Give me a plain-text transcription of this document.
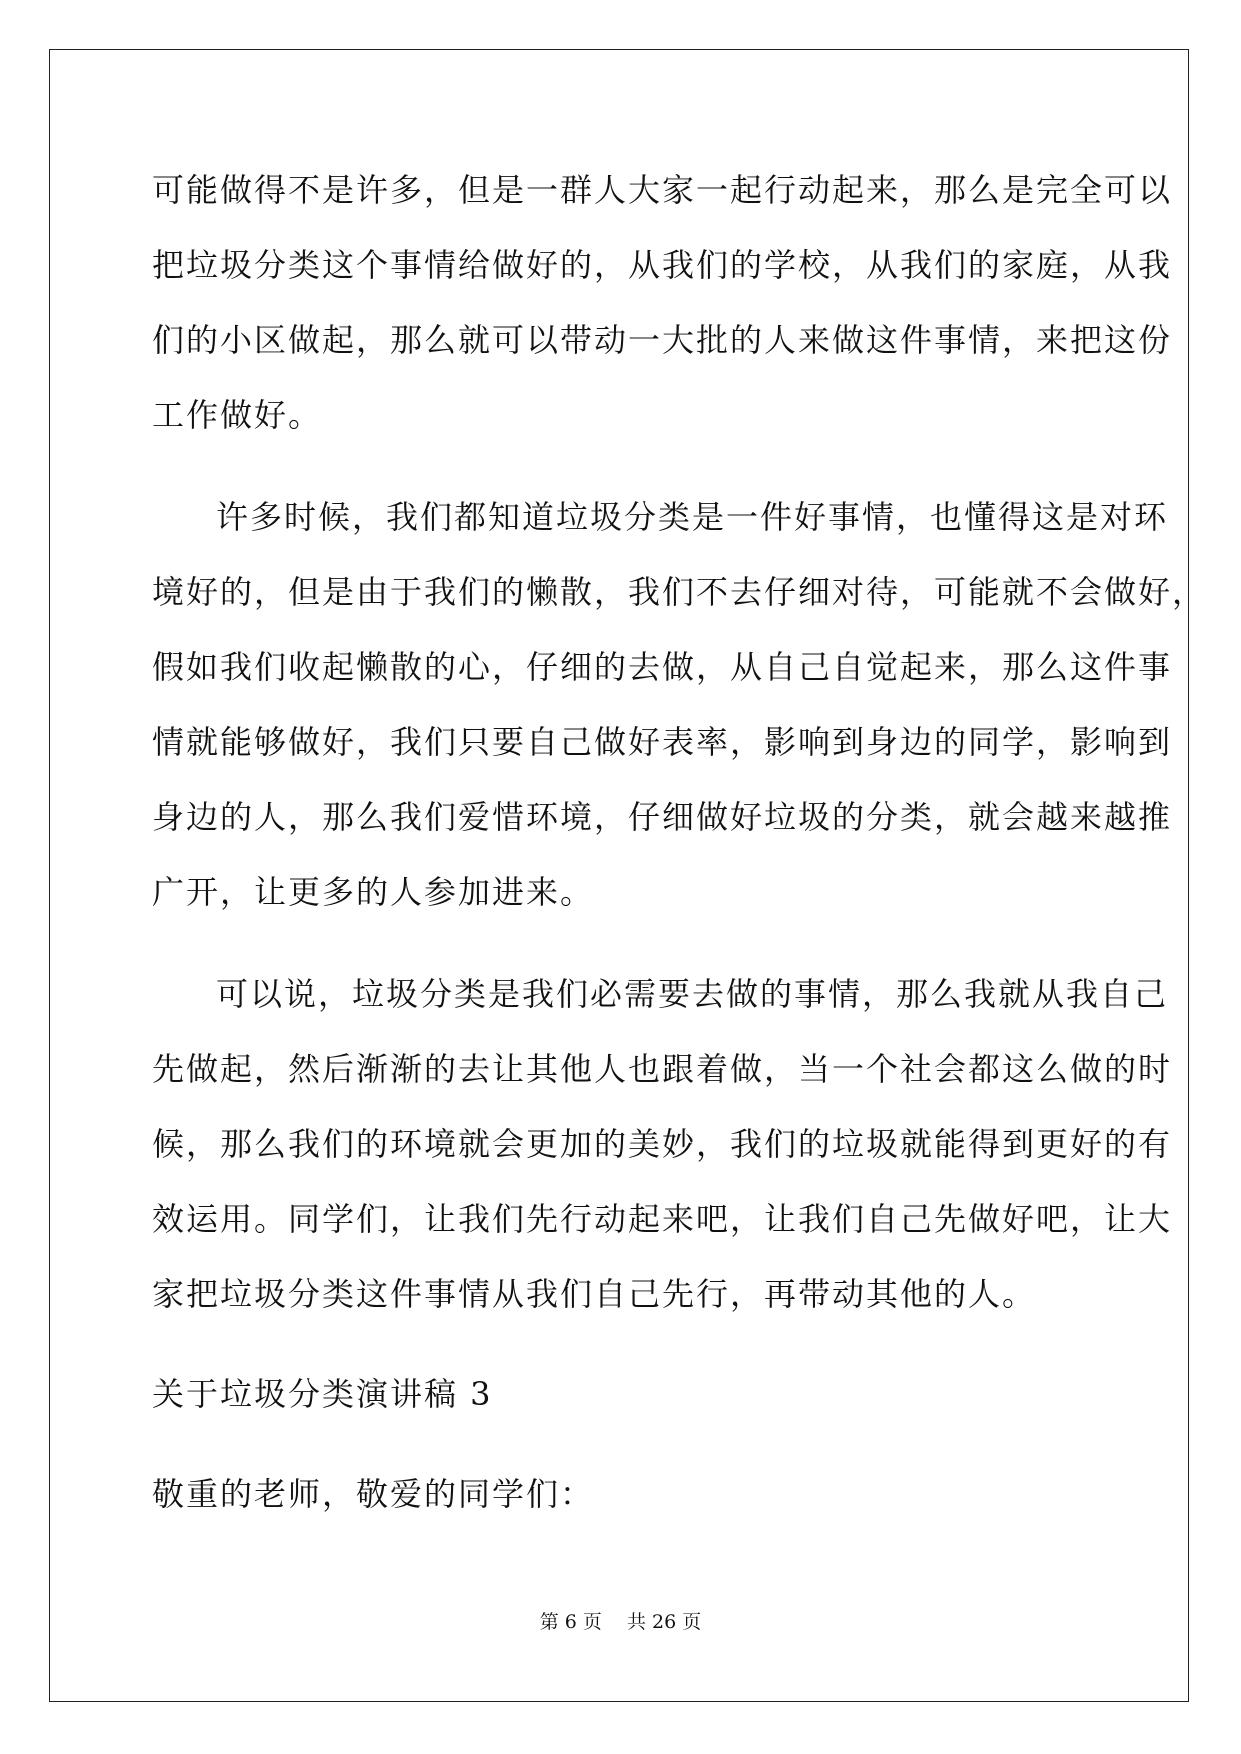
可能做得不是许多，但是一群人大家一起行动起来，那么是完全可以

把垃圾分类这个事情给做好的，从我们的学校，从我们的家庭，从我

们的小区做起，那么就可以带动一大批的人来做这件事情，来把这份

工作做好。

许多时候，我们都知道垃圾分类是一件好事情，也懂得这是对环

境好的，但是由于我们的懒散，我们不去仔细对待，可能就不会做好，

假如我们收起懒散的心，仔细的去做，从自己自觉起来，那么这件事

情就能够做好，我们只要自己做好表率，影响到身边的同学，影响到

身边的人，那么我们爱惜环境，仔细做好垃圾的分类，就会越来越推

广开，让更多的人参加进来。

可以说，垃圾分类是我们必需要去做的事情，那么我就从我自己

先做起，然后渐渐的去让其他人也跟着做，当一个社会都这么做的时

候，那么我们的环境就会更加的美妙，我们的垃圾就能得到更好的有

效运用。同学们，让我们先行动起来吧，让我们自己先做好吧，让大

家把垃圾分类这件事情从我们自己先行，再带动其他的人。

关于垃圾分类演讲稿 3

敬重的老师，敬爱的同学们：

第 6 页　 共 26 页
